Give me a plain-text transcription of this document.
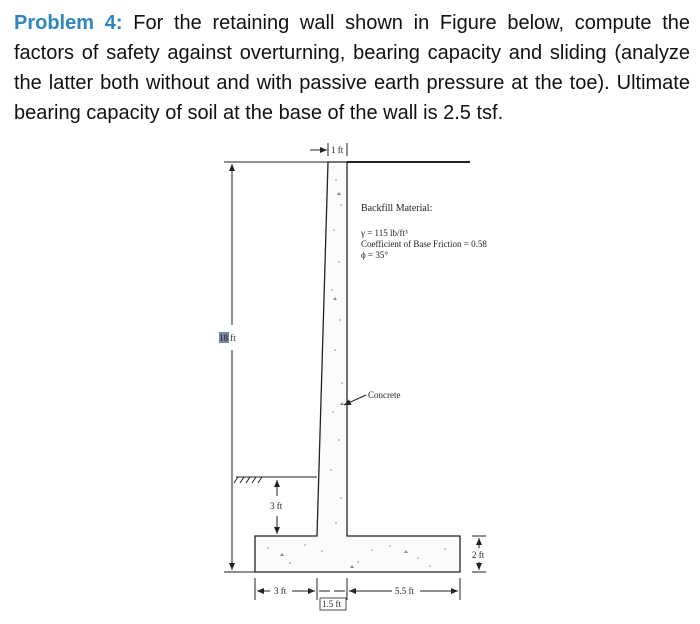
Problem 4: For the retaining wall shown in Figure below, compute the factors of safety against overturning, bearing capacity and sliding (analyze the latter both without and with passive earth pressure at the toe). Ultimate bearing capacity of soil at the base of the wall is 2.5 tsf.

1 ft
Backfill Material:
γ = 115 lb/ft³
Coefficient of Base Friction = 0.58
ϕ = 35°
18 ft
Concrete
3 ft
2 ft
3 ft
1.5 ft
5.5 ft
